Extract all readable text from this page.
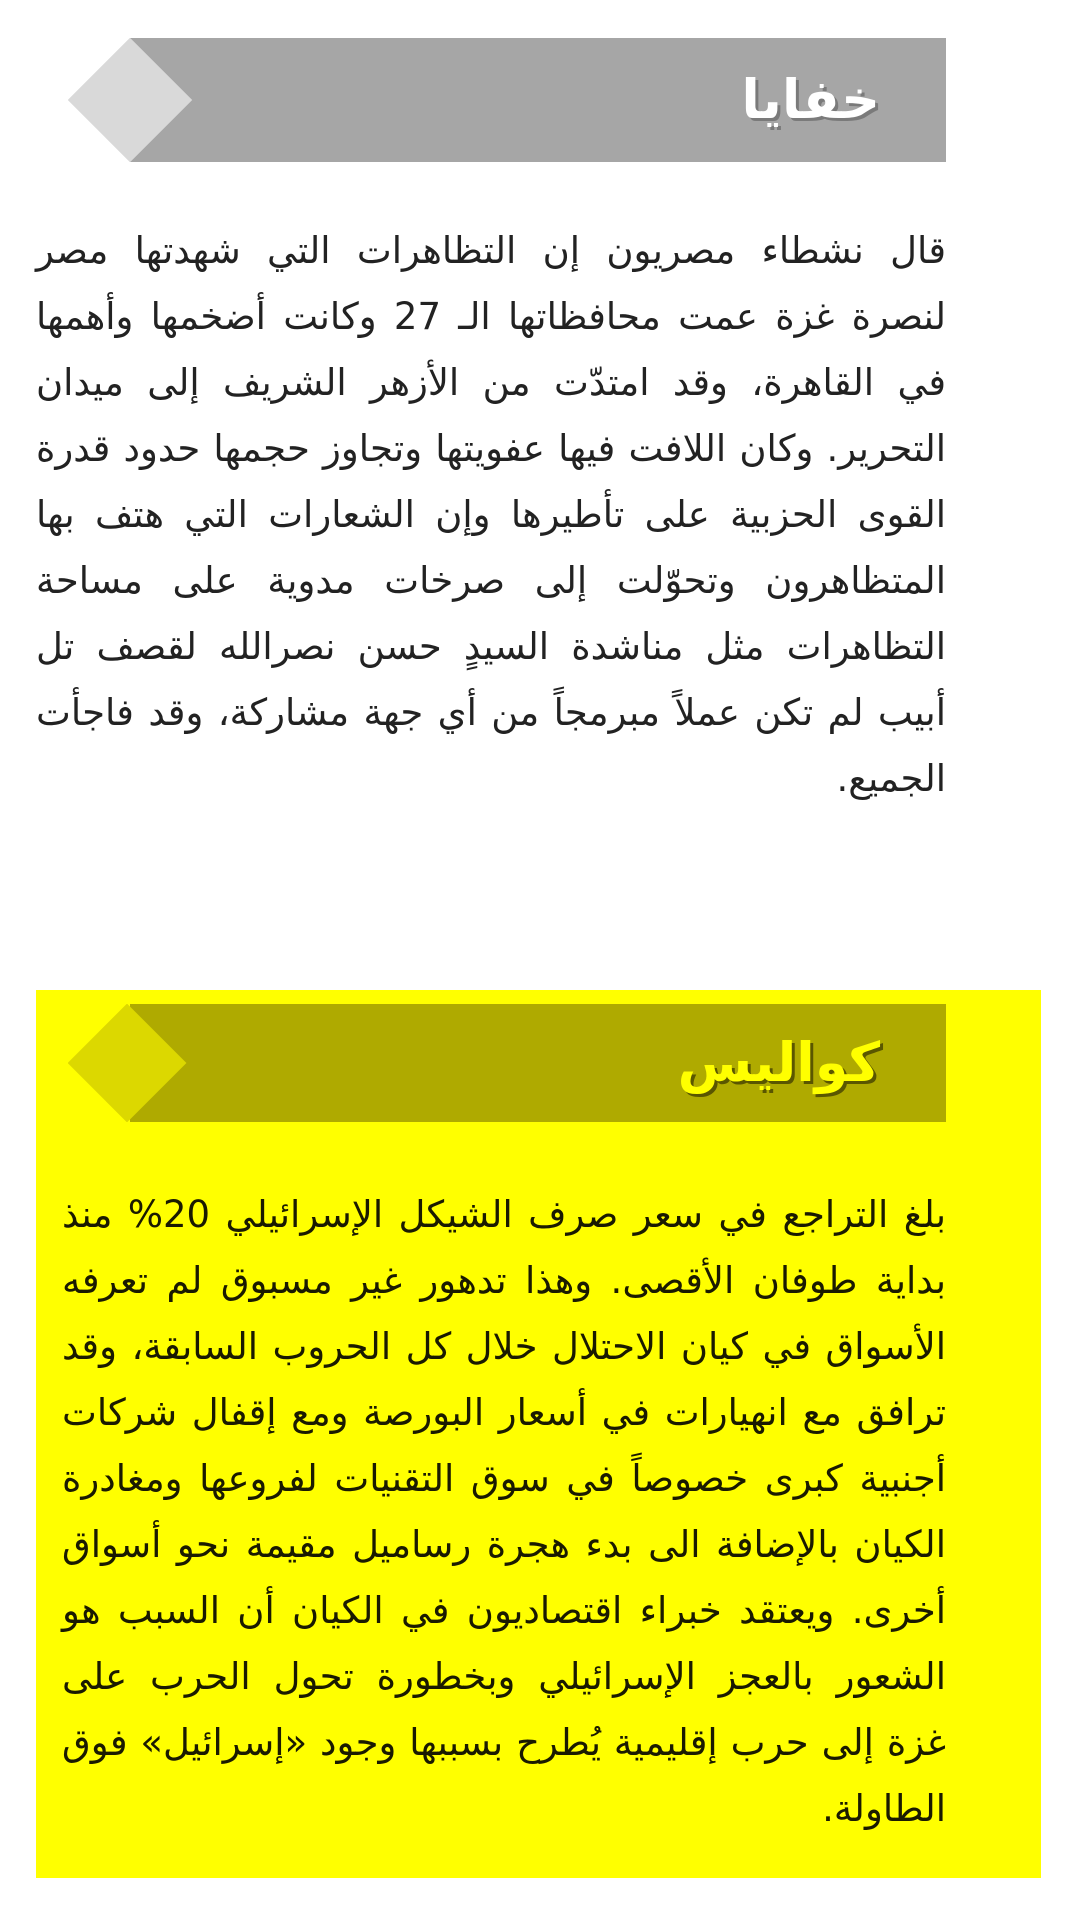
خفايا
قال نشطاء مصريون إن التظاهرات التي شهدتها مصر لنصرة غزة عمت محافظاتها الـ 27 وكانت أضخمها وأهمها في القاهرة، وقد امتدّت من الأزهر الشريف إلى ميدان التحرير. وكان اللافت فيها عفويتها وتجاوز حجمها حدود قدرة القوى الحزبية على تأطيرها وإن الشعارات التي هتف بها المتظاهرون وتحوّلت إلى صرخات مدوية على مساحة التظاهرات مثل مناشدة السيدٍ حسن نصرالله لقصف تل أبيب لم تكن عملاً مبرمجاً من أي جهة مشاركة، وقد فاجأت الجميع.
كواليس
بلغ التراجع في سعر صرف الشيكل الإسرائيلي 20% منذ بداية طوفان الأقصى. وهذا تدهور غير مسبوق لم تعرفه الأسواق في كيان الاحتلال خلال كل الحروب السابقة، وقد ترافق مع انهيارات في أسعار البورصة ومع إقفال شركات أجنبية كبرى خصوصاً في سوق التقنيات لفروعها ومغادرة الكيان بالإضافة الى بدء هجرة رساميل مقيمة نحو أسواق أخرى. ويعتقد خبراء اقتصاديون في الكيان أن السبب هو الشعور بالعجز الإسرائيلي وبخطورة تحول الحرب على غزة إلى حرب إقليمية يُطرح بسببها وجود «إسرائيل» فوق الطاولة.
